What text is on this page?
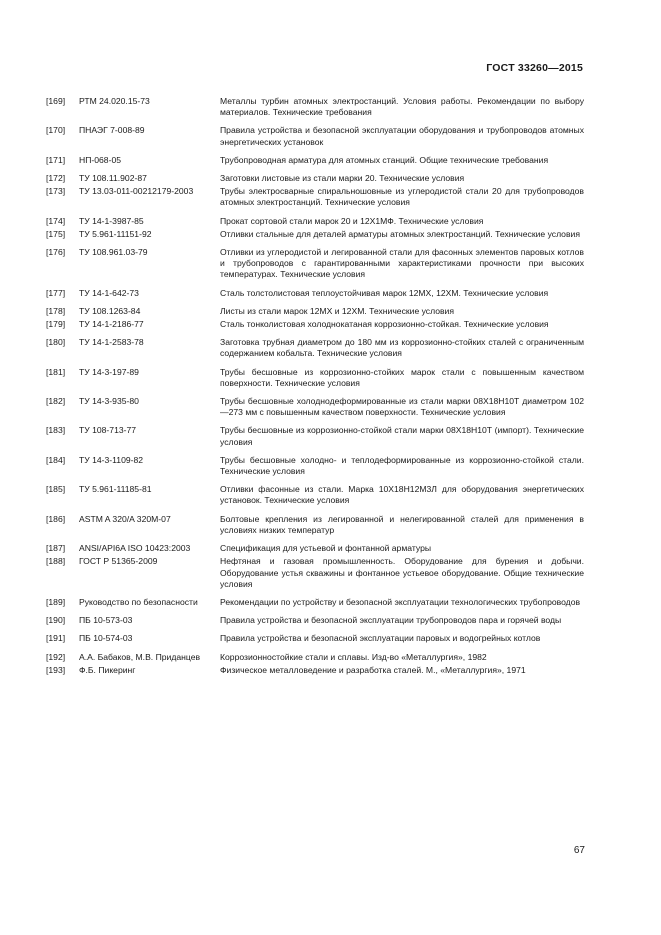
ГОСТ 33260—2015
[169]	РТМ 24.020.15-73	Металлы турбин атомных электростанций. Условия работы. Рекомендации по выбору материалов. Технические требования
[170]	ПНАЭГ 7-008-89	Правила устройства и безопасной эксплуатации оборудования и трубопроводов атомных энергетических установок
[171]	НП-068-05	Трубопроводная арматура для атомных станций. Общие технические требования
[172]	ТУ 108.11.902-87	Заготовки листовые из стали марки 20. Технические условия
[173]	ТУ 13.03-011-00212179-2003	Трубы электросварные спиральношовные из углеродистой стали 20 для трубопроводов атомных электростанций. Технические условия
[174]	ТУ 14-1-3987-85	Прокат сортовой стали марок 20 и 12Х1МФ. Технические условия
[175]	ТУ 5.961-11151-92	Отливки стальные для деталей арматуры атомных электростанций. Технические условия
[176]	ТУ 108.961.03-79	Отливки из углеродистой и легированной стали для фасонных элементов паровых котлов и трубопроводов с гарантированными характеристиками прочности при высоких температурах. Технические условия
[177]	ТУ 14-1-642-73	Сталь толстолистовая теплоустойчивая марок 12МХ, 12ХМ. Технические условия
[178]	ТУ 108.1263-84	Листы из стали марок 12МХ и 12ХМ. Технические условия
[179]	ТУ 14-1-2186-77	Сталь тонколистовая холоднокатаная коррозионно-стойкая. Технические условия
[180]	ТУ 14-1-2583-78	Заготовка трубная диаметром до 180 мм из коррозионно-стойких сталей с ограниченным содержанием кобальта. Технические условия
[181]	ТУ 14-3-197-89	Трубы бесшовные из коррозионно-стойких марок стали с повышенным качеством поверхности. Технические условия
[182]	ТУ 14-3-935-80	Трубы бесшовные холоднодеформированные из стали марки 08Х18Н10Т диаметром 102—273 мм с повышенным качеством поверхности. Технические условия
[183]	ТУ 108-713-77	Трубы бесшовные из коррозионно-стойкой стали марки 08Х18Н10Т (импорт). Технические условия
[184]	ТУ 14-3-1109-82	Трубы бесшовные холодно- и теплодеформированные из коррозионно-стойкой стали. Технические условия
[185]	ТУ 5.961-11185-81	Отливки фасонные из стали. Марка 10Х18Н12М3Л для оборудования энергетических установок. Технические условия
[186]	ASTM A 320/A 320M-07	Болтовые крепления из легированной и нелегированной сталей для применения в условиях низких температур
[187]	ANSI/API6A ISO 10423:2003	Спецификация для устьевой и фонтанной арматуры
[188]	ГОСТ Р 51365-2009	Нефтяная и газовая промышленность. Оборудование для бурения и добычи. Оборудование устья скважины и фонтанное устьевое оборудование. Общие технические условия
[189]	Руководство по безопасности	Рекомендации по устройству и безопасной эксплуатации технологических трубопроводов
[190]	ПБ 10-573-03	Правила устройства и безопасной эксплуатации трубопроводов пара и горячей воды
[191]	ПБ 10-574-03	Правила устройства и безопасной эксплуатации паровых и водогрейных котлов
[192]	А.А. Бабаков, М.В. Приданцев	Коррозионностойкие стали и сплавы. Изд-во «Металлургия», 1982
[193]	Ф.Б. Пикеринг	Физическое металловедение и разработка сталей. М., «Металлургия», 1971
67
